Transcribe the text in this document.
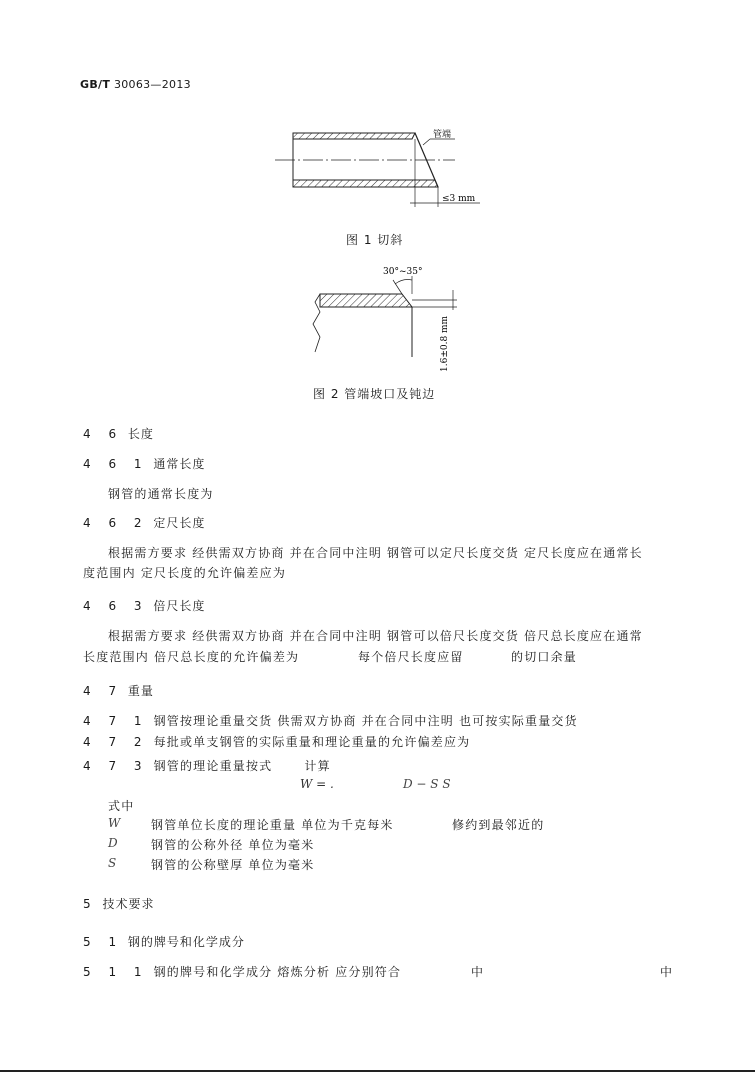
GB/T 30063—2013
管端
≤3 mm
图 1 切斜
30°~35°
1.6±0.8 mm
图 2 管端坡口及钝边
4 6 长度
4 6 1 通常长度
钢管的通常长度为
4 6 2 定尺长度
根据需方要求 经供需双方协商 并在合同中注明 钢管可以定尺长度交货 定尺长度应在通常长
度范围内 定尺长度的允许偏差应为
4 6 3 倍尺长度
根据需方要求 经供需双方协商 并在合同中注明 钢管可以倍尺长度交货 倍尺总长度应在通常
长度范围内 倍尺总长度的允许偏差为	每个倍尺长度应留	的切口余量
4 7 重量
4 7 1 钢管按理论重量交货 供需双方协商 并在合同中注明 也可按实际重量交货
4 7 2 每批或单支钢管的实际重量和理论重量的允许偏差应为
4 7 3 钢管的理论重量按式	计算
W = .	D − S S
式中
W	钢管单位长度的理论重量 单位为千克每米	修约到最邻近的
D	钢管的公称外径 单位为毫米
S	钢管的公称壁厚 单位为毫米
5 技术要求
5 1 钢的牌号和化学成分
5 1 1 钢的牌号和化学成分 熔炼分析 应分别符合	中	中
